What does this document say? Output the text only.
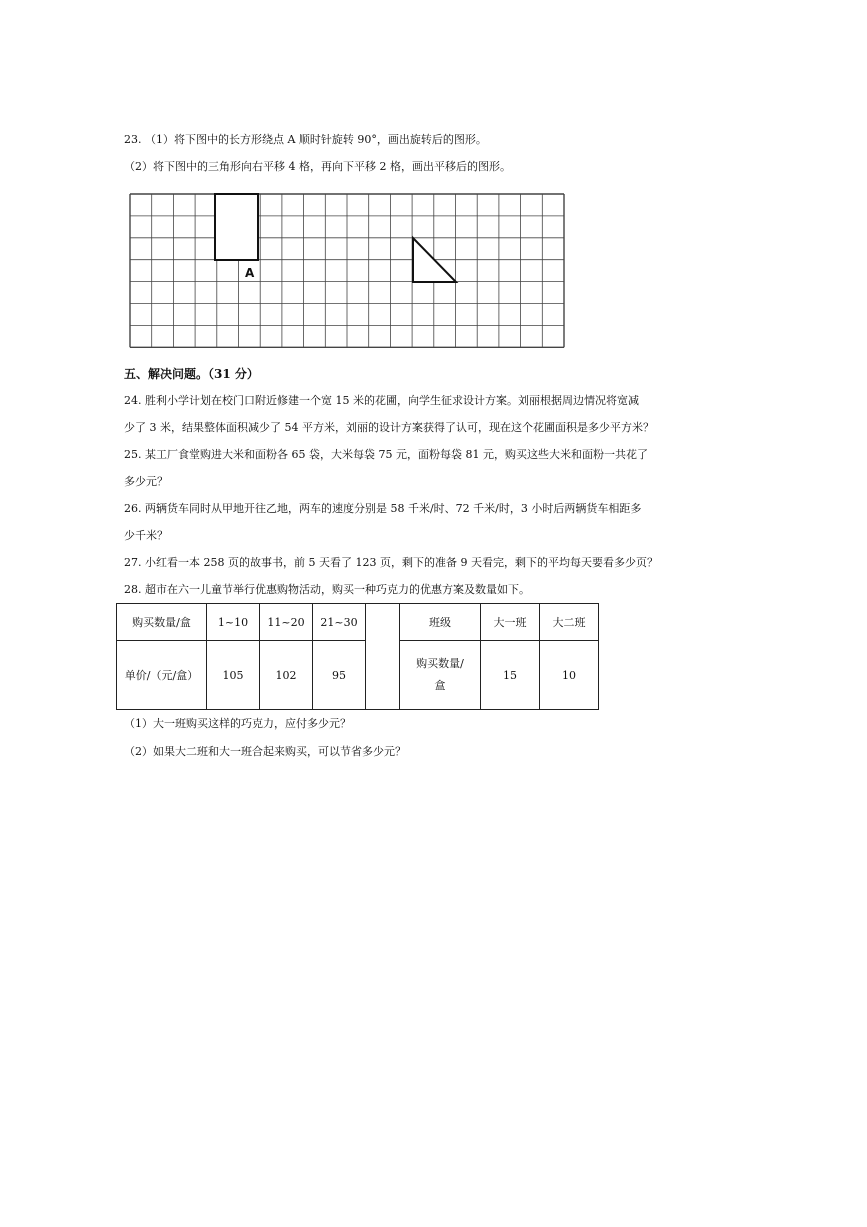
23. （1）将下图中的长方形绕点 A 顺时针旋转 90°，画出旋转后的图形。
（2）将下图中的三角形向右平移 4 格，再向下平移 2 格，画出平移后的图形。
A
五、解决问题。（31 分）
24. 胜利小学计划在校门口附近修建一个宽 15 米的花圃，向学生征求设计方案。刘丽根据周边情况将宽减
少了 3 米，结果整体面积减少了 54 平方米，刘丽的设计方案获得了认可，现在这个花圃面积是多少平方米？
25. 某工厂食堂购进大米和面粉各 65 袋，大米每袋 75 元，面粉每袋 81 元，购买这些大米和面粉一共花了
多少元？
26. 两辆货车同时从甲地开往乙地，两车的速度分别是 58 千米/时、72 千米/时，3 小时后两辆货车相距多
少千米？
27. 小红看一本 258 页的故事书，前 5 天看了 123 页，剩下的准备 9 天看完，剩下的平均每天要看多少页？
28. 超市在六一儿童节举行优惠购物活动，购买一种巧克力的优惠方案及数量如下。
购买数量/盒	1~10	11~20	21~30	
单价/（元/盒）	105	102	95	
班级	大一班	大二班

购买数量/盒	15	10
（1）大一班购买这样的巧克力，应付多少元？
（2）如果大二班和大一班合起来购买，可以节省多少元？
